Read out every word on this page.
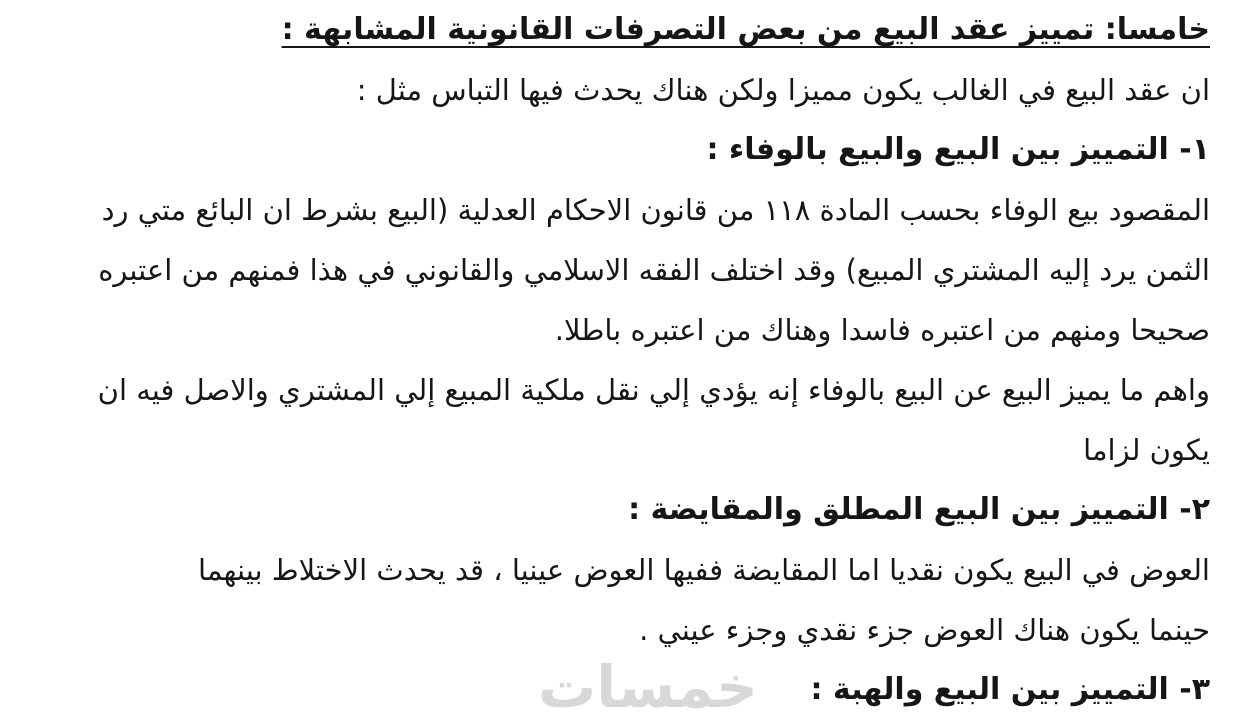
خامسا: تمييز عقد البيع من بعض التصرفات القانونية المشابهة :
ان عقد البيع في الغالب يكون مميزا ولكن هناك يحدث فيها التباس مثل :
١- التمييز بين البيع والبيع بالوفاء :
المقصود بيع الوفاء بحسب المادة ١١٨ من قانون الاحكام العدلية (البيع بشرط ان البائع متي رد
الثمن يرد إليه المشتري المبيع) وقد اختلف الفقه الاسلامي والقانوني في هذا فمنهم من اعتبره
صحيحا ومنهم من اعتبره فاسدا وهناك من اعتبره باطلا.
واهم ما يميز البيع عن البيع بالوفاء إنه يؤدي إلي نقل ملكية المبيع إلي المشتري والاصل فيه ان
يكون لزاما
٢- التمييز بين البيع المطلق والمقايضة :
العوض في البيع يكون نقديا اما المقايضة ففيها العوض عينيا ، قد يحدث الاختلاط بينهما
حينما يكون هناك العوض جزء نقدي وجزء عيني .
٣- التمييز بين البيع والهبة :
خمسات
